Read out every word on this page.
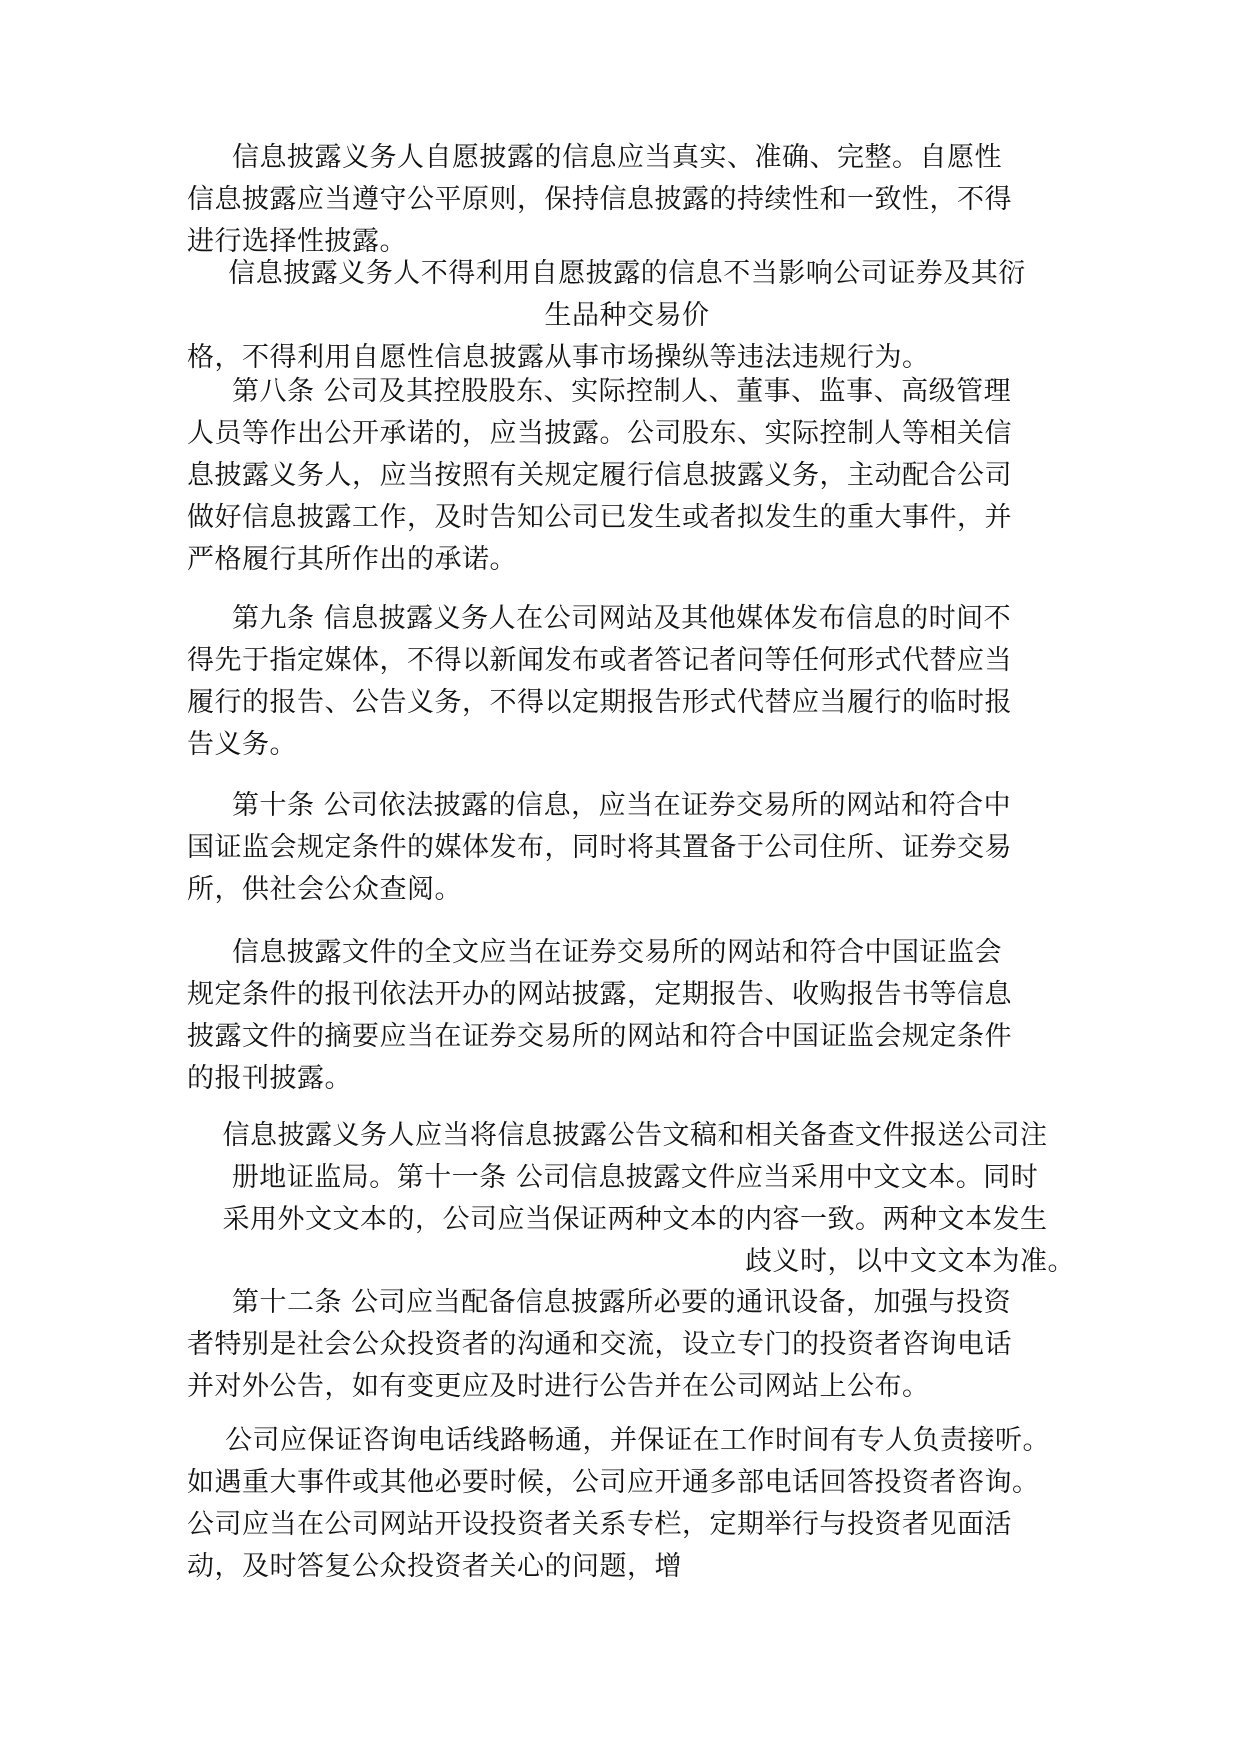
信息披露义务人自愿披露的信息应当真实、准确、完整。自愿性
信息披露应当遵守公平原则，保持信息披露的持续性和一致性，不得
进行选择性披露。
信息披露义务人不得利用自愿披露的信息不当影响公司证券及其衍
生品种交易价
格，不得利用自愿性信息披露从事市场操纵等违法违规行为。
第八条 公司及其控股股东、实际控制人、董事、监事、高级管理
人员等作出公开承诺的，应当披露。公司股东、实际控制人等相关信
息披露义务人，应当按照有关规定履行信息披露义务，主动配合公司
做好信息披露工作，及时告知公司已发生或者拟发生的重大事件，并
严格履行其所作出的承诺。
第九条 信息披露义务人在公司网站及其他媒体发布信息的时间不
得先于指定媒体，不得以新闻发布或者答记者问等任何形式代替应当
履行的报告、公告义务，不得以定期报告形式代替应当履行的临时报
告义务。
第十条 公司依法披露的信息，应当在证券交易所的网站和符合中
国证监会规定条件的媒体发布，同时将其置备于公司住所、证券交易
所，供社会公众查阅。
信息披露文件的全文应当在证券交易所的网站和符合中国证监会
规定条件的报刊依法开办的网站披露，定期报告、收购报告书等信息
披露文件的摘要应当在证券交易所的网站和符合中国证监会规定条件
的报刊披露。
信息披露义务人应当将信息披露公告文稿和相关备查文件报送公司注
册地证监局。第十一条 公司信息披露文件应当采用中文文本。同时
采用外文文本的，公司应当保证两种文本的内容一致。两种文本发生
歧义时，以中文文本为准。
第十二条 公司应当配备信息披露所必要的通讯设备，加强与投资
者特别是社会公众投资者的沟通和交流，设立专门的投资者咨询电话
并对外公告，如有变更应及时进行公告并在公司网站上公布。
公司应保证咨询电话线路畅通，并保证在工作时间有专人负责接听。
如遇重大事件或其他必要时候，公司应开通多部电话回答投资者咨询。
公司应当在公司网站开设投资者关系专栏，定期举行与投资者见面活
动，及时答复公众投资者关心的问题，增
